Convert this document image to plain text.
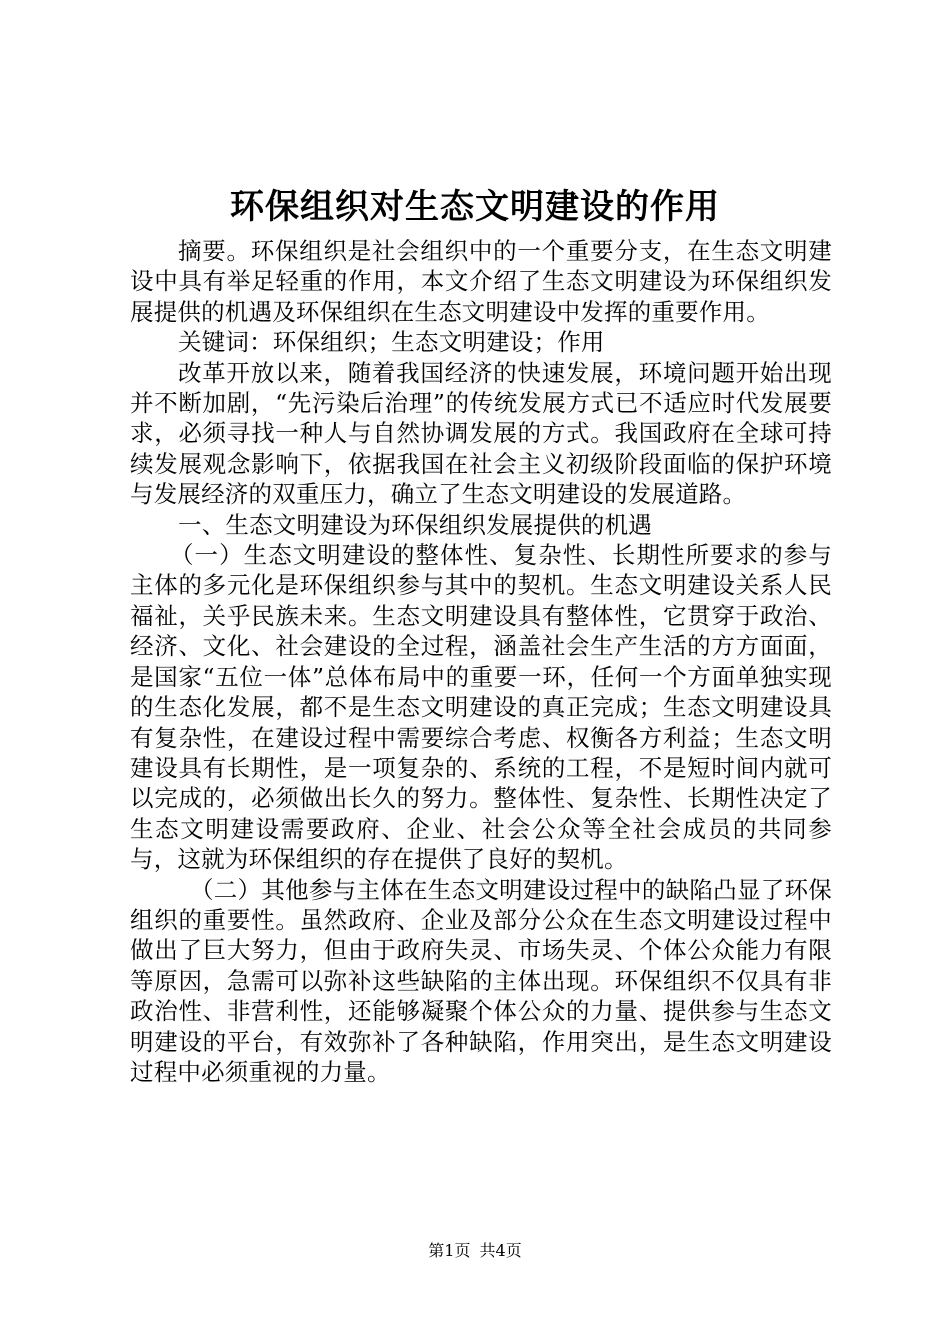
环保组织对生态文明建设的作用

摘要。环保组织是社会组织中的一个重要分支，在生态文明建设中具有举足轻重的作用，本文介绍了生态文明建设为环保组织发展提供的机遇及环保组织在生态文明建设中发挥的重要作用。

关键词：环保组织；生态文明建设；作用

改革开放以来，随着我国经济的快速发展，环境问题开始出现并不断加剧，“先污染后治理”的传统发展方式已不适应时代发展要求，必须寻找一种人与自然协调发展的方式。我国政府在全球可持续发展观念影响下，依据我国在社会主义初级阶段面临的保护环境与发展经济的双重压力，确立了生态文明建设的发展道路。

一、生态文明建设为环保组织发展提供的机遇

（一）生态文明建设的整体性、复杂性、长期性所要求的参与主体的多元化是环保组织参与其中的契机。生态文明建设关系人民福祉，关乎民族未来。生态文明建设具有整体性，它贯穿于政治、经济、文化、社会建设的全过程，涵盖社会生产生活的方方面面，是国家“五位一体”总体布局中的重要一环，任何一个方面单独实现的生态化发展，都不是生态文明建设的真正完成；生态文明建设具有复杂性，在建设过程中需要综合考虑、权衡各方利益；生态文明建设具有长期性，是一项复杂的、系统的工程，不是短时间内就可以完成的，必须做出长久的努力。整体性、复杂性、长期性决定了生态文明建设需要政府、企业、社会公众等全社会成员的共同参与，这就为环保组织的存在提供了良好的契机。

（二）其他参与主体在生态文明建设过程中的缺陷凸显了环保组织的重要性。虽然政府、企业及部分公众在生态文明建设过程中做出了巨大努力，但由于政府失灵、市场失灵、个体公众能力有限等原因，急需可以弥补这些缺陷的主体出现。环保组织不仅具有非政治性、非营利性，还能够凝聚个体公众的力量、提供参与生态文明建设的平台，有效弥补了各种缺陷，作用突出，是生态文明建设过程中必须重视的力量。

第1页 共4页
